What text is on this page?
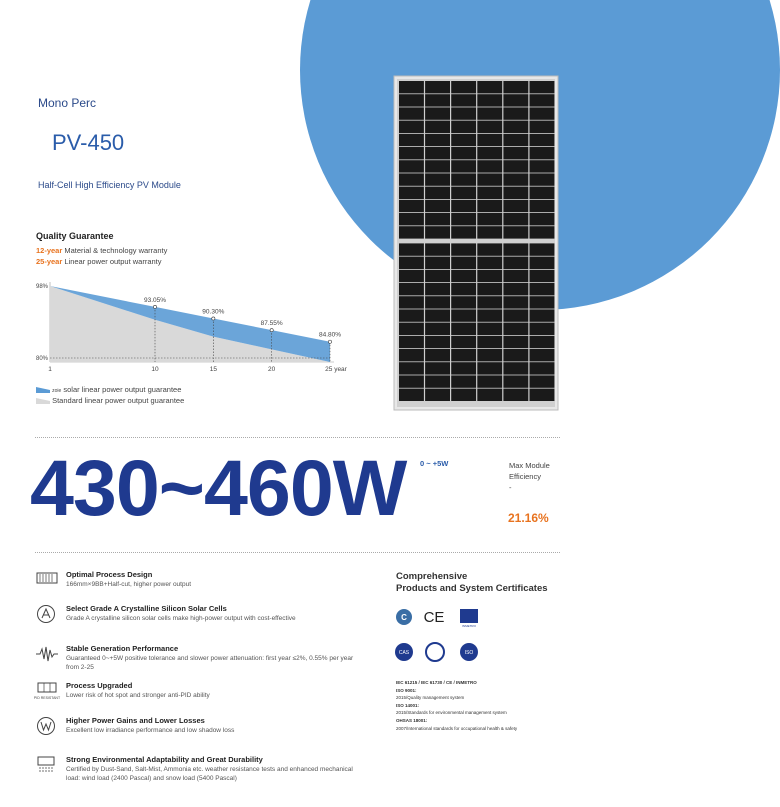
Mono Perc
PV-450
Half-Cell High Efficiency PV Module
Quality Guarantee
12-year Material & technology warranty
25-year Linear power output warranty
93.05%
90.30%
87.55%
84.80%
98%
80%
1	10	15	20	25 year
zoie solar linear power output guarantee
Standard linear power output guarantee
430~460W 0 ~ +5W	Max Module Efficiency
-
21.16%
Optimal Process Design
166mm×9BB+Half-cut, higher power output
Select Grade A Crystalline Silicon Solar Cells
Grade A crystalline silicon solar cells make high-power output with cost-effective
Stable Generation Performance
Guaranteed 0~+5W positive tolerance and slower power attenuation: first year ≤2%, 0.55% per year from 2-25
PID RESISTANT
Process Upgraded
Lower risk of hot spot and stronger anti-PID ability
Higher Power Gains and Lower Losses
Excellent low irradiance performance and low shadow loss
Strong Environmental Adaptability and Great Durability
Certified by Dust-Sand, Salt-Mist, Ammonia etc. weather resistance tests and enhanced mechanical load: wind load (2400 Pascal) and snow load (5400 Pascal)
Comprehensive
Products and System Certificates
C CE	INMETRO
CAS	ISO
IEC 61215 / IEC 61730 / CE / INMETRO
ISO 9001:
2015/Quality management system
ISO 14001:
2015/Standards for environmental management system
OHSAS 18001:
2007/International standards for occupational health & safety
